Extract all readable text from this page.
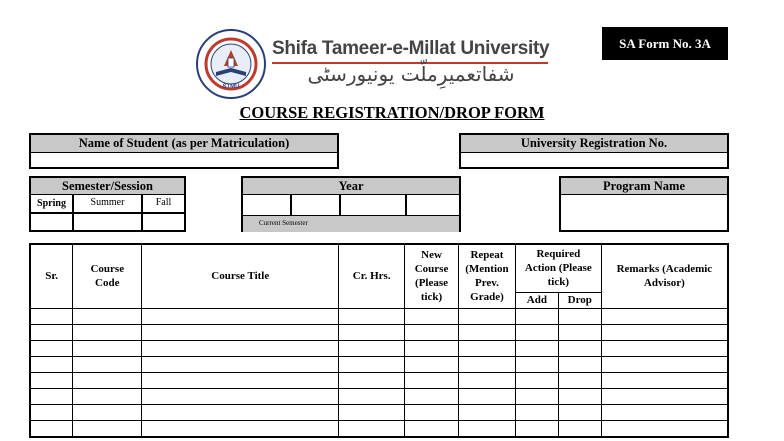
STMU
Shifa Tameer-e-Millat University
شفاتعمیرِملّت یونیورسٹی
SA Form No. 3A
COURSE REGISTRATION/DROP FORM
Name of Student (as per Matriculation)	University Registration No.
Semester/Session
Spring	Summer	Fall
Year
Current Semester
Program Name
Sr.	Course Code	Course Title	Cr. Hrs.	New Course (Please tick)	Repeat (Mention Prev. Grade)	Required Action (Please tick)		Remarks (Academic Advisor)
						Add	Drop	
